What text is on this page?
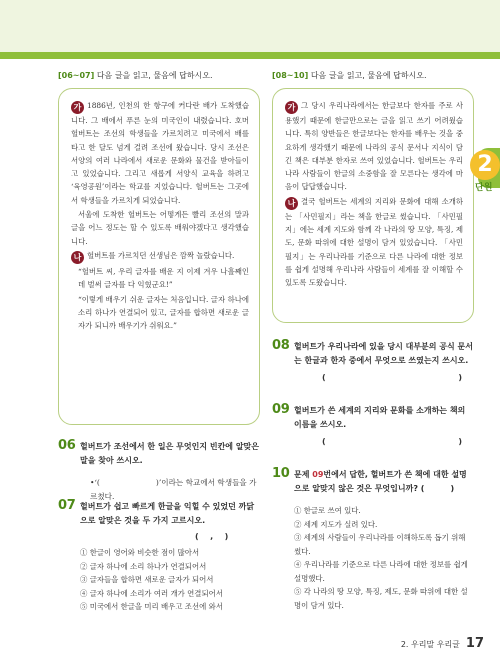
[06~07] 다음 글을 읽고, 물음에 답하시오.	[08~10] 다음 글을 읽고, 물음에 답하시오.

가 1886년, 인천의 한 항구에 커다란 배가 도착했습니다. 그 배에서 푸른 눈의 미국인이 내렸습니다. 호머 헐버트는 조선의 학생들을 가르치려고 미국에서 배를 타고 한 달도 넘게 걸려 조선에 왔습니다. 당시 조선은 서양의 여러 나라에서 새로운 문화와 물건을 받아들이고 있었습니다. 그리고 새롭게 서양식 교육을 하려고 ‘육영공원’이라는 학교를 지었습니다. 헐버트는 그곳에서 학생들을 가르치게 되었습니다.

서울에 도착한 헐버트는 어떻게든 빨리 조선의 말과 글을 어느 정도는 할 수 있도록 배워야겠다고 생각했습니다.

나 헐버트를 가르치던 선생님은 깜짝 놀랐습니다.

“헐버트 씨, 우리 글자를 배운 지 이제 겨우 나흘째인데 벌써 글자를 다 익혔군요!”

“이렇게 배우기 쉬운 글자는 처음입니다. 글자 하나에 소리 하나가 연결되어 있고, 글자를 합하면 새로운 글자가 되니까 배우기가 쉬워요.”

가 그 당시 우리나라에서는 한글보다 한자를 주로 사용했기 때문에 한글만으로는 글을 읽고 쓰기 어려웠습니다. 특히 양반들은 한글보다는 한자를 배우는 것을 중요하게 생각했기 때문에 나라의 공식 문서나 지식이 담긴 책은 대부분 한자로 쓰여 있었습니다. 헐버트는 우리나라 사람들이 한글의 소중함을 잘 모른다는 생각에 마음이 답답했습니다.

나 결국 헐버트는 세계의 지리와 문화에 대해 소개하는 「사민필지」라는 책을 한글로 썼습니다. 「사민필지」에는 세계 지도와 함께 각 나라의 땅 모양, 특징, 제도, 문화 따위에 대한 설명이 담겨 있었습니다. 「사민필지」는 우리나라를 기준으로 다른 나라에 대한 정보를 쉽게 설명해 우리나라 사람들이 세계를 잘 이해할 수 있도록 도왔습니다.

2
단원
06 헐버트가 조선에서 한 일은 무엇인지 빈칸에 알맞은 말을 찾아 쓰시오.
•‘(	)’이라는 학교에서 학생들을 가르쳤다.
07 헐버트가 쉽고 빠르게 한글을 익힐 수 있었던 까닭으로 알맞은 것을 두 가지 고르시오.
( , )
① 한글이 영어와 비슷한 점이 많아서
② 글자 하나에 소리 하나가 연결되어서
③ 글자들을 합하면 새로운 글자가 되어서
④ 글자 하나에 소리가 여러 개가 연결되어서
⑤ 미국에서 한글을 미리 배우고 조선에 와서
08 헐버트가 우리나라에 있을 당시 대부분의 공식 문서는 한글과 한자 중에서 무엇으로 쓰였는지 쓰시오.
(	)
09 헐버트가 쓴 세계의 지리와 문화를 소개하는 책의 이름을 쓰시오.
(	)
10 문제 09번에서 답한, 헐버트가 쓴 책에 대한 설명으로 알맞지 않은 것은 무엇입니까? (	)
① 한글로 쓰여 있다.
② 세계 지도가 실려 있다.
③ 세계의 사람들이 우리나라를 이해하도록 돕기 위해 썼다.
④ 우리나라를 기준으로 다른 나라에 대한 정보를 쉽게 설명했다.
⑤ 각 나라의 땅 모양, 특징, 제도, 문화 따위에 대한 설명이 담겨 있다.
2. 우리말 우리글 17
